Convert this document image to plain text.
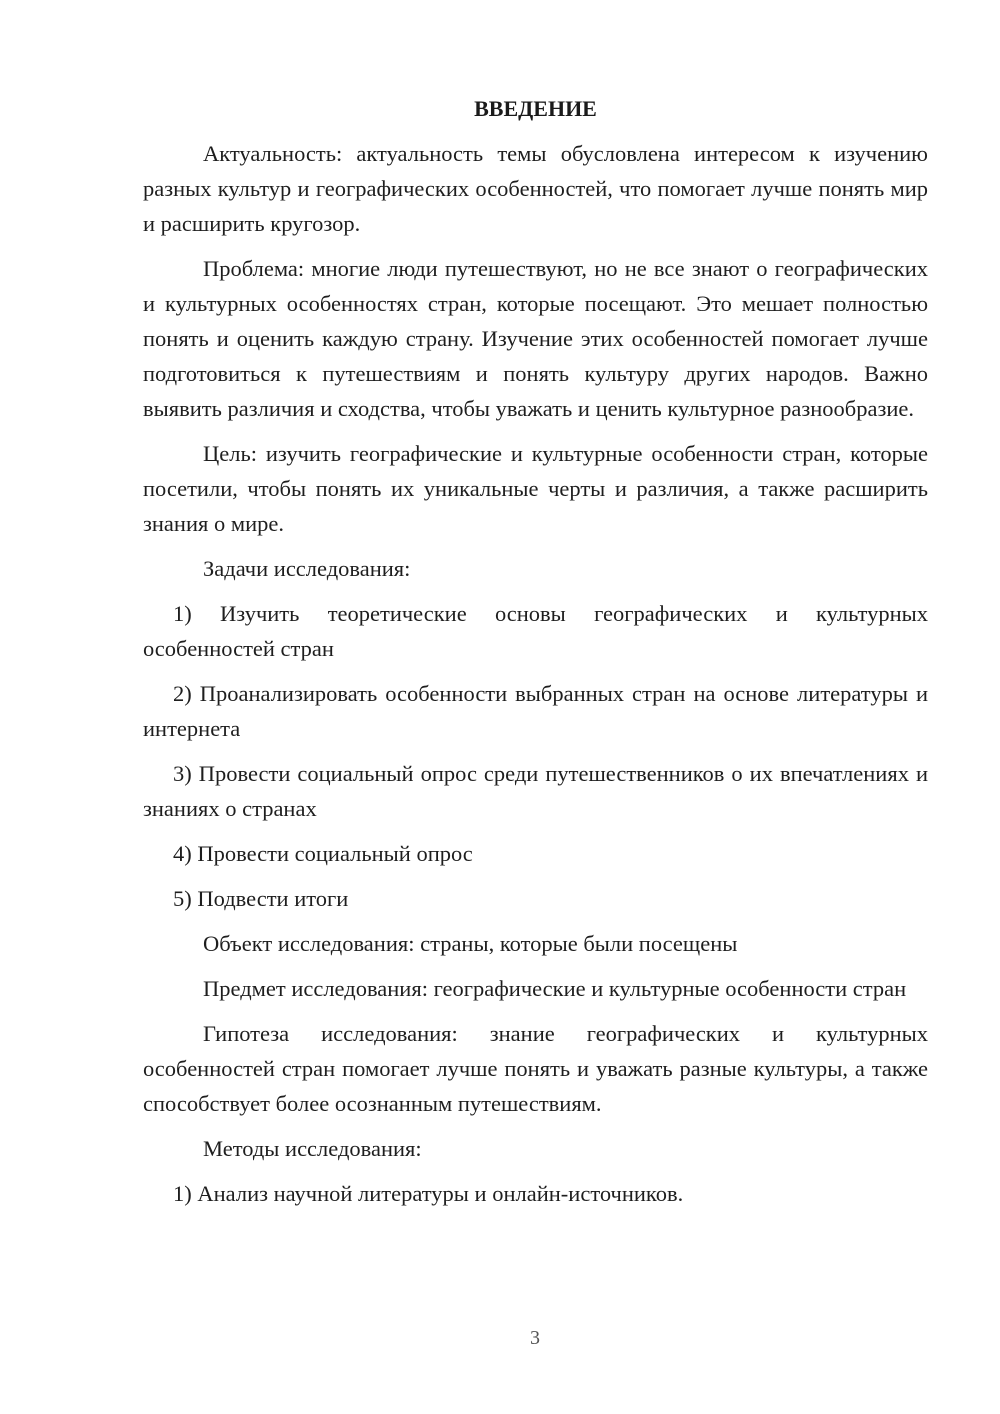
ВВЕДЕНИЕ

Актуальность: актуальность темы обусловлена интересом к изучению разных культур и географических особенностей, что помогает лучше понять мир и расширить кругозор.

Проблема: многие люди путешествуют, но не все знают о географических и культурных особенностях стран, которые посещают. Это мешает полностью понять и оценить каждую страну. Изучение этих особенностей помогает лучше подготовиться к путешествиям и понять культуру других народов. Важно выявить различия и сходства, чтобы уважать и ценить культурное разнообразие.

Цель: изучить географические и культурные особенности стран, которые посетили, чтобы понять их уникальные черты и различия, а также расширить знания о мире.

Задачи исследования:

1) Изучить теоретические основы географических и культурных особенностей стран

2) Проанализировать особенности выбранных стран на основе литературы и интернета

3) Провести социальный опрос среди путешественников о их впечатлениях и знаниях о странах

4) Провести социальный опрос

5) Подвести итоги

Объект исследования: страны, которые были посещены

Предмет исследования: географические и культурные особенности стран

Гипотеза исследования: знание географических и культурных особенностей стран помогает лучше понять и уважать разные культуры, а также способствует более осознанным путешествиям.

Методы исследования:

1) Анализ научной литературы и онлайн-источников.

3
